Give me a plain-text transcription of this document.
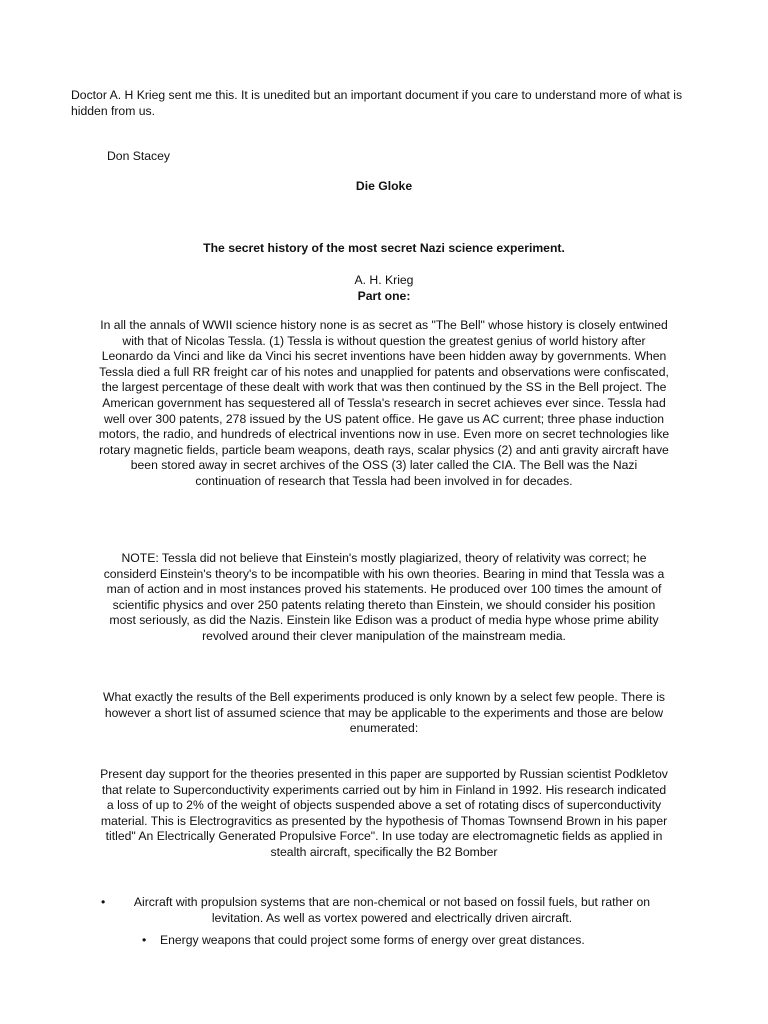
Doctor A. H Krieg sent me this. It is unedited but an important document if you care to understand more of what is hidden from us.

Don Stacey

Die Gloke
The secret history of the most secret Nazi science experiment.

A. H. Krieg

Part one:

In all the annals of WWII science history none is as secret as "The Bell" whose history is closely entwined with that of Nicolas Tessla. (1) Tessla is without question the greatest genius of world history after Leonardo da Vinci and like da Vinci his secret inventions have been hidden away by governments. When Tessla died a full RR freight car of his notes and unapplied for patents and observations were confiscated, the largest percentage of these dealt with work that was then continued by the SS in the Bell project. The American government has sequestered all of Tessla's research in secret achieves ever since. Tessla had well over 300 patents, 278 issued by the US patent office. He gave us AC current; three phase induction motors, the radio, and hundreds of electrical inventions now in use. Even more on secret technologies like rotary magnetic fields, particle beam weapons, death rays, scalar physics (2) and anti gravity aircraft have been stored away in secret archives of the OSS (3) later called the CIA. The Bell was the Nazi continuation of research that Tessla had been involved in for decades.

NOTE: Tessla did not believe that Einstein's mostly plagiarized, theory of relativity was correct; he considerd Einstein's theory's to be incompatible with his own theories. Bearing in mind that Tessla was a man of action and in most instances proved his statements. He produced over 100 times the amount of scientific physics and over 250 patents relating thereto than Einstein, we should consider his position most seriously, as did the Nazis. Einstein like Edison was a product of media hype whose prime ability revolved around their clever manipulation of the mainstream media.

What exactly the results of the Bell experiments produced is only known by a select few people. There is however a short list of assumed science that may be applicable to the experiments and those are below enumerated:

Present day support for the theories presented in this paper are supported by Russian scientist Podkletov that relate to Superconductivity experiments carried out by him in Finland in 1992. His research indicated a loss of up to 2% of the weight of objects suspended above a set of rotating discs of superconductivity material. This is Electrogravitics as presented by the hypothesis of Thomas Townsend Brown in his paper titled" An Electrically Generated Propulsive Force". In use today are electromagnetic fields as applied in stealth aircraft, specifically the B2 Bomber

•	Aircraft with propulsion systems that are non-chemical or not based on fossil fuels, but rather on levitation. As well as vortex powered and electrically driven aircraft.
• Energy weapons that could project some forms of energy over great distances.
